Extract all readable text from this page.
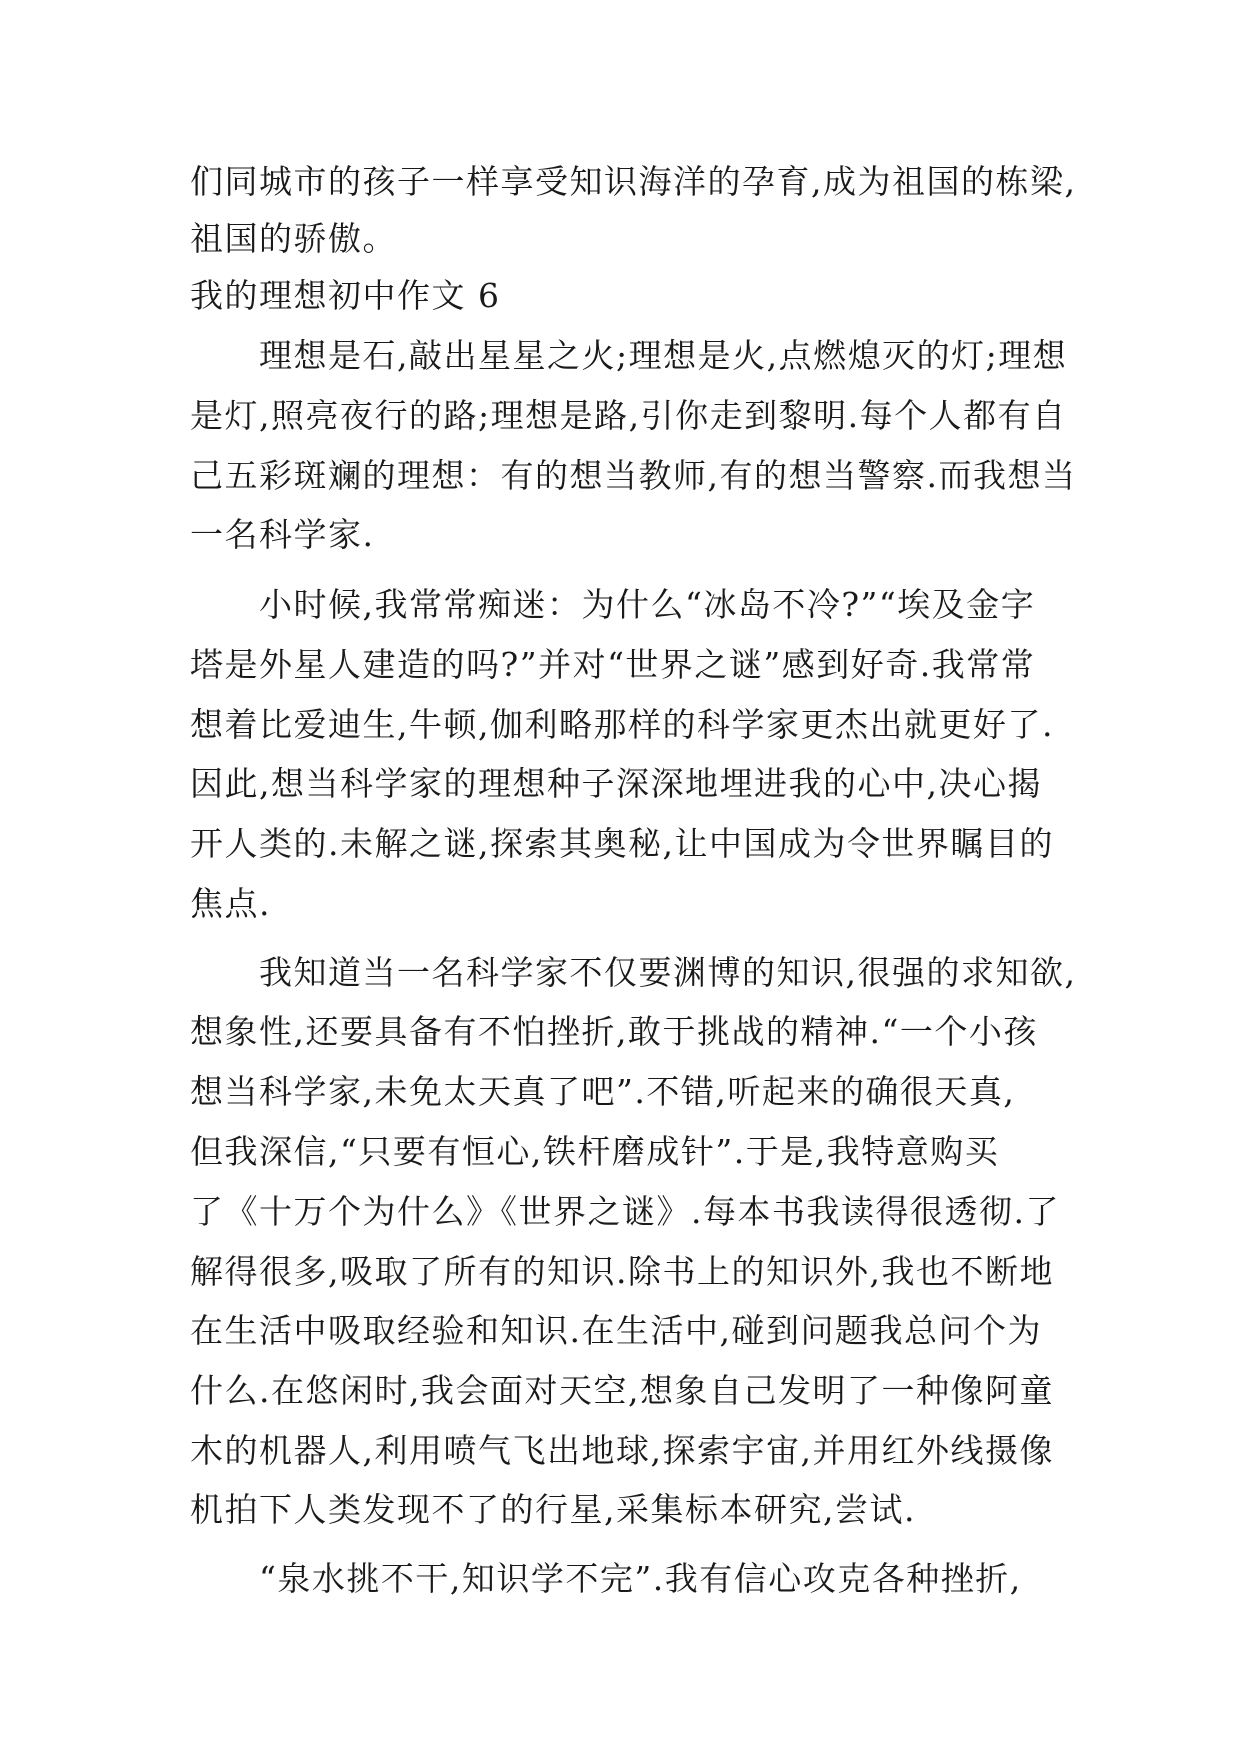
们同城市的孩子一样享受知识海洋的孕育,成为祖国的栋梁,
祖国的骄傲。
我的理想初中作文 6
　　理想是石,敲出星星之火;理想是火,点燃熄灭的灯;理想
是灯,照亮夜行的路;理想是路,引你走到黎明.每个人都有自
己五彩斑斓的理想：有的想当教师,有的想当警察.而我想当
一名科学家.
　　小时候,我常常痴迷：为什么“冰岛不冷?”“埃及金字
塔是外星人建造的吗?”并对“世界之谜”感到好奇.我常常
想着比爱迪生,牛顿,伽利略那样的科学家更杰出就更好了.
因此,想当科学家的理想种子深深地埋进我的心中,决心揭
开人类的.未解之谜,探索其奥秘,让中国成为令世界瞩目的
焦点.
　　我知道当一名科学家不仅要渊博的知识,很强的求知欲,
想象性,还要具备有不怕挫折,敢于挑战的精神.“一个小孩
想当科学家,未免太天真了吧”.不错,听起来的确很天真,
但我深信,“只要有恒心,铁杆磨成针”.于是,我特意购买
了《十万个为什么》《世界之谜》.每本书我读得很透彻.了
解得很多,吸取了所有的知识.除书上的知识外,我也不断地
在生活中吸取经验和知识.在生活中,碰到问题我总问个为
什么.在悠闲时,我会面对天空,想象自己发明了一种像阿童
木的机器人,利用喷气飞出地球,探索宇宙,并用红外线摄像
机拍下人类发现不了的行星,采集标本研究,尝试.
　　“泉水挑不干,知识学不完”.我有信心攻克各种挫折,
